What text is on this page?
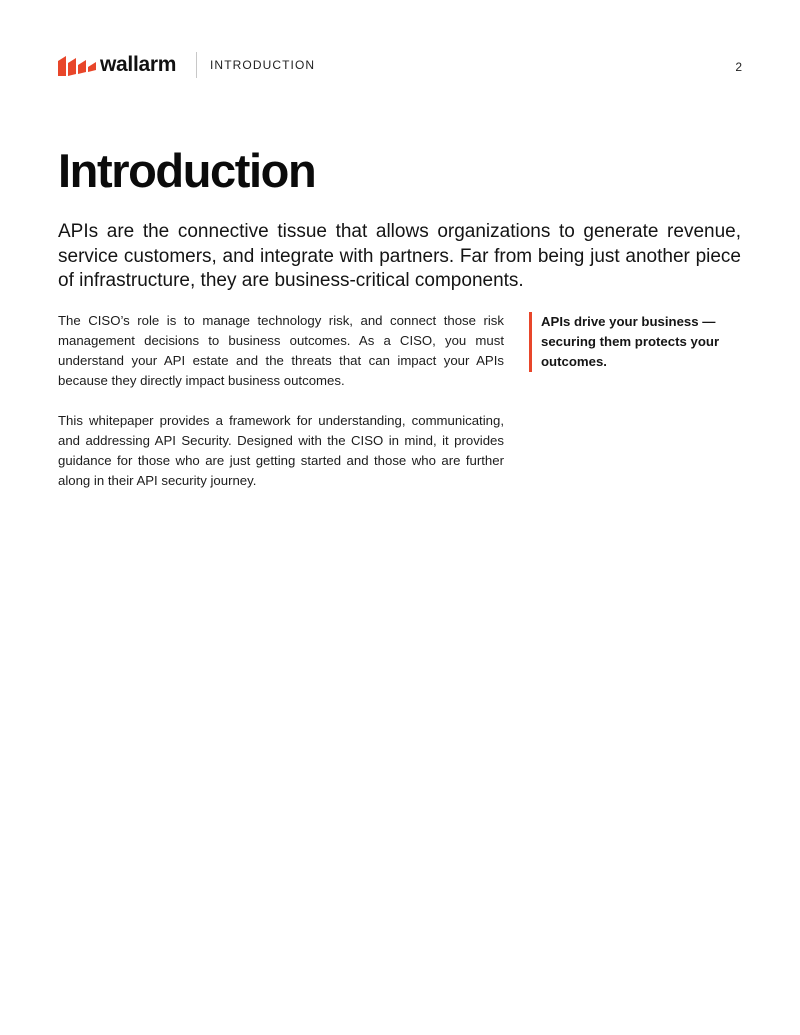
wallarm	INTRODUCTION	2
Introduction

APIs are the connective tissue that allows organizations to generate revenue, service customers, and integrate with partners. Far from being just another piece of infrastructure, they are business-critical components.

The CISO’s role is to manage technology risk, and connect those risk management decisions to business outcomes. As a CISO, you must understand your API estate and the threats that can impact your APIs because they directly impact business outcomes.

This whitepaper provides a framework for understanding, communicating, and addressing API Security. Designed with the CISO in mind, it provides guidance for those who are just getting started and those who are further along in their API security journey.

APIs drive your business — securing them protects your outcomes.
